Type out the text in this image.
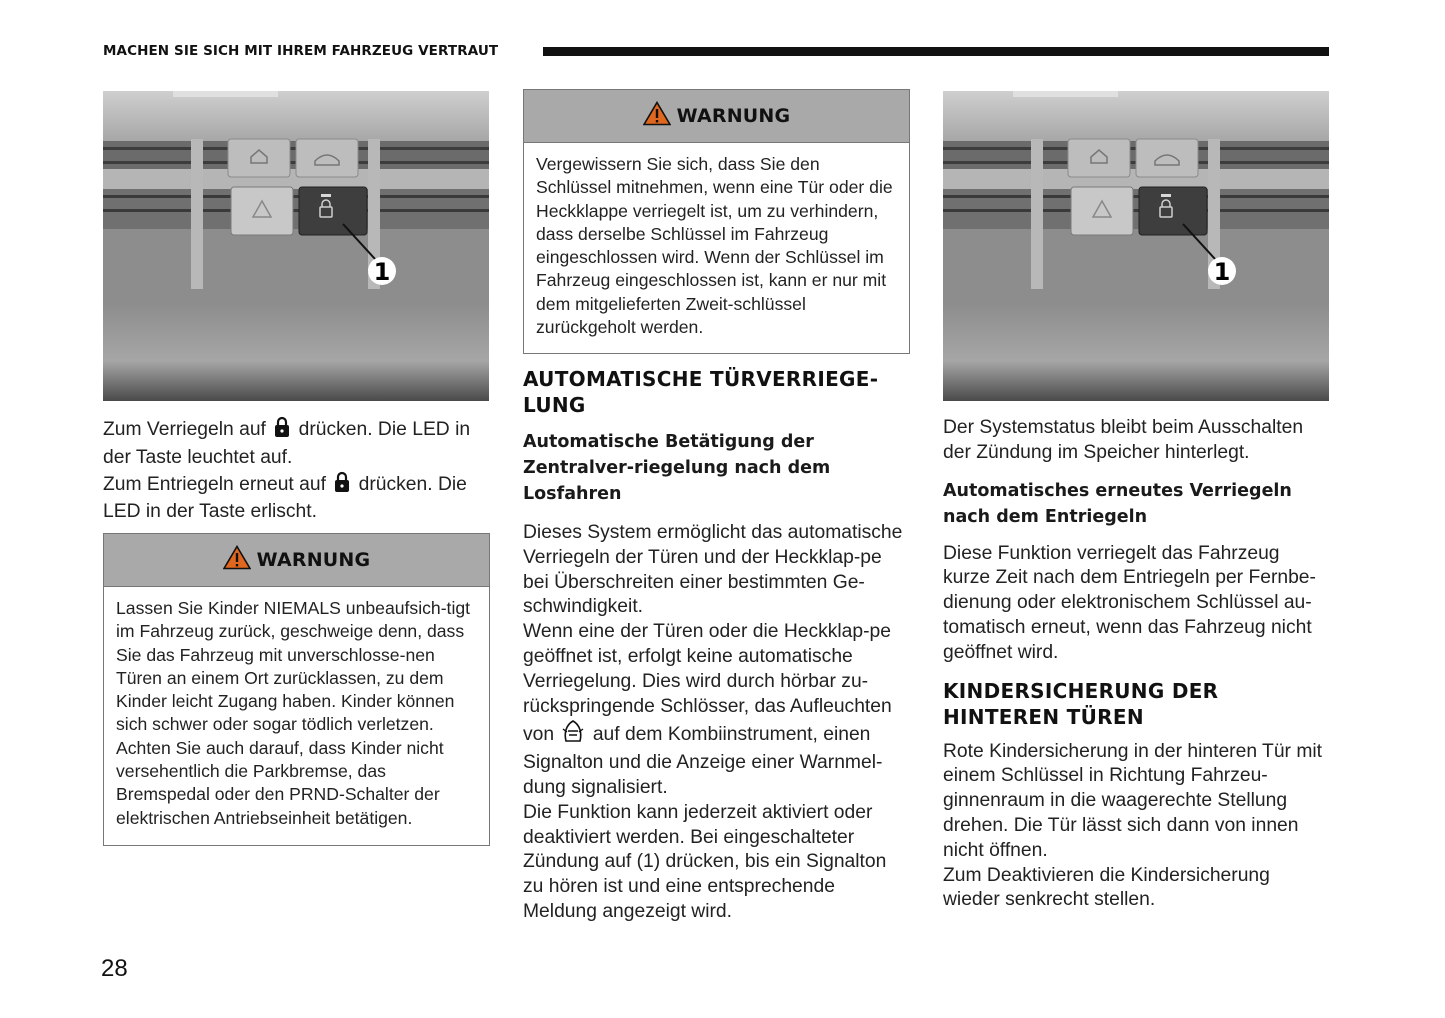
MACHEN SIE SICH MIT IHREM FAHRZEUG VERTRAUT
1

Zum Verriegeln auf drücken. Die LED in der Taste leuchtet auf.

Zum Entriegeln erneut auf drücken. Die LED in der Taste erlischt.

WARNUNG
Lassen Sie Kinder NIEMALS unbeaufsich-tigt im Fahrzeug zurück, geschweige denn, dass Sie das Fahrzeug mit unverschlosse-nen Türen an einem Ort zurücklassen, zu dem Kinder leicht Zugang haben. Kinder können sich schwer oder sogar tödlich verletzen. Achten Sie auch darauf, dass Kinder nicht versehentlich die Parkbremse, das Bremspedal oder den PRND-Schalter der elektrischen Antriebseinheit betätigen.
WARNUNG
Vergewissern Sie sich, dass Sie den Schlüssel mitnehmen, wenn eine Tür oder die Heckklappe verriegelt ist, um zu verhindern, dass derselbe Schlüssel im Fahrzeug eingeschlossen wird. Wenn der Schlüssel im Fahrzeug eingeschlossen ist, kann er nur mit dem mitgelieferten Zweit-schlüssel zurückgeholt werden.
AUTOMATISCHE TÜRVERRIEGE-LUNG
Automatische Betätigung der Zentralver-riegelung nach dem Losfahren

Dieses System ermöglicht das automatische Verriegeln der Türen und der Heckklap-pe bei Überschreiten einer bestimmten Ge-schwindigkeit.

Wenn eine der Türen oder die Heckklap-pe geöffnet ist, erfolgt keine automatische Verriegelung. Dies wird durch hörbar zu-rückspringende Schlösser, das Aufleuchten von auf dem Kombiinstrument, einen Signalton und die Anzeige einer Warnmel-dung signalisiert.

Die Funktion kann jederzeit aktiviert oder deaktiviert werden. Bei eingeschalteter Zündung auf (1) drücken, bis ein Signalton zu hören ist und eine entsprechende Meldung angezeigt wird.

1
Der Systemstatus bleibt beim Ausschalten der Zündung im Speicher hinterlegt.
Automatisches erneutes Verriegeln nach dem Entriegeln
Diese Funktion verriegelt das Fahrzeug kurze Zeit nach dem Entriegeln per Fernbe-dienung oder elektronischem Schlüssel au-tomatisch erneut, wenn das Fahrzeug nicht geöffnet wird.
KINDERSICHERUNG DER HINTEREN TÜREN

Rote Kindersicherung in der hinteren Tür mit einem Schlüssel in Richtung Fahrzeu-ginnenraum in die waagerechte Stellung drehen. Die Tür lässt sich dann von innen nicht öffnen.

Zum Deaktivieren die Kindersicherung wieder senkrecht stellen.

28
